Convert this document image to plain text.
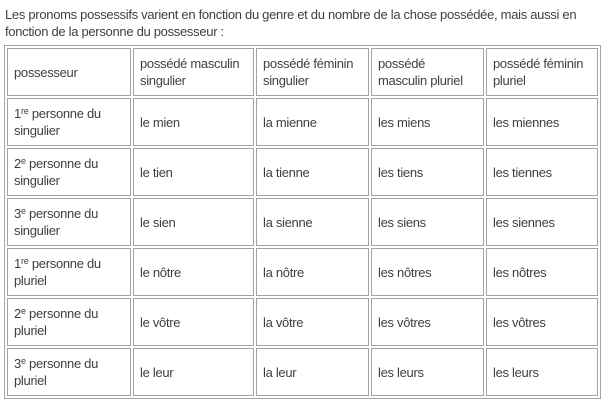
Les pronoms possessifs varient en fonction du genre et du nombre de la chose possédée, mais aussi en fonction de la personne du possesseur :

possesseur	possédé masculin singulier	possédé féminin singulier	possédé masculin pluriel	possédé féminin pluriel
1re personne du singulier	le mien	la mienne	les miens	les miennes
2e personne du singulier	le tien	la tienne	les tiens	les tiennes
3e personne du singulier	le sien	la sienne	les siens	les siennes
1re personne du pluriel	le nôtre	la nôtre	les nôtres	les nôtres
2e personne du pluriel	le vôtre	la vôtre	les vôtres	les vôtres
3e personne du pluriel	le leur	la leur	les leurs	les leurs
